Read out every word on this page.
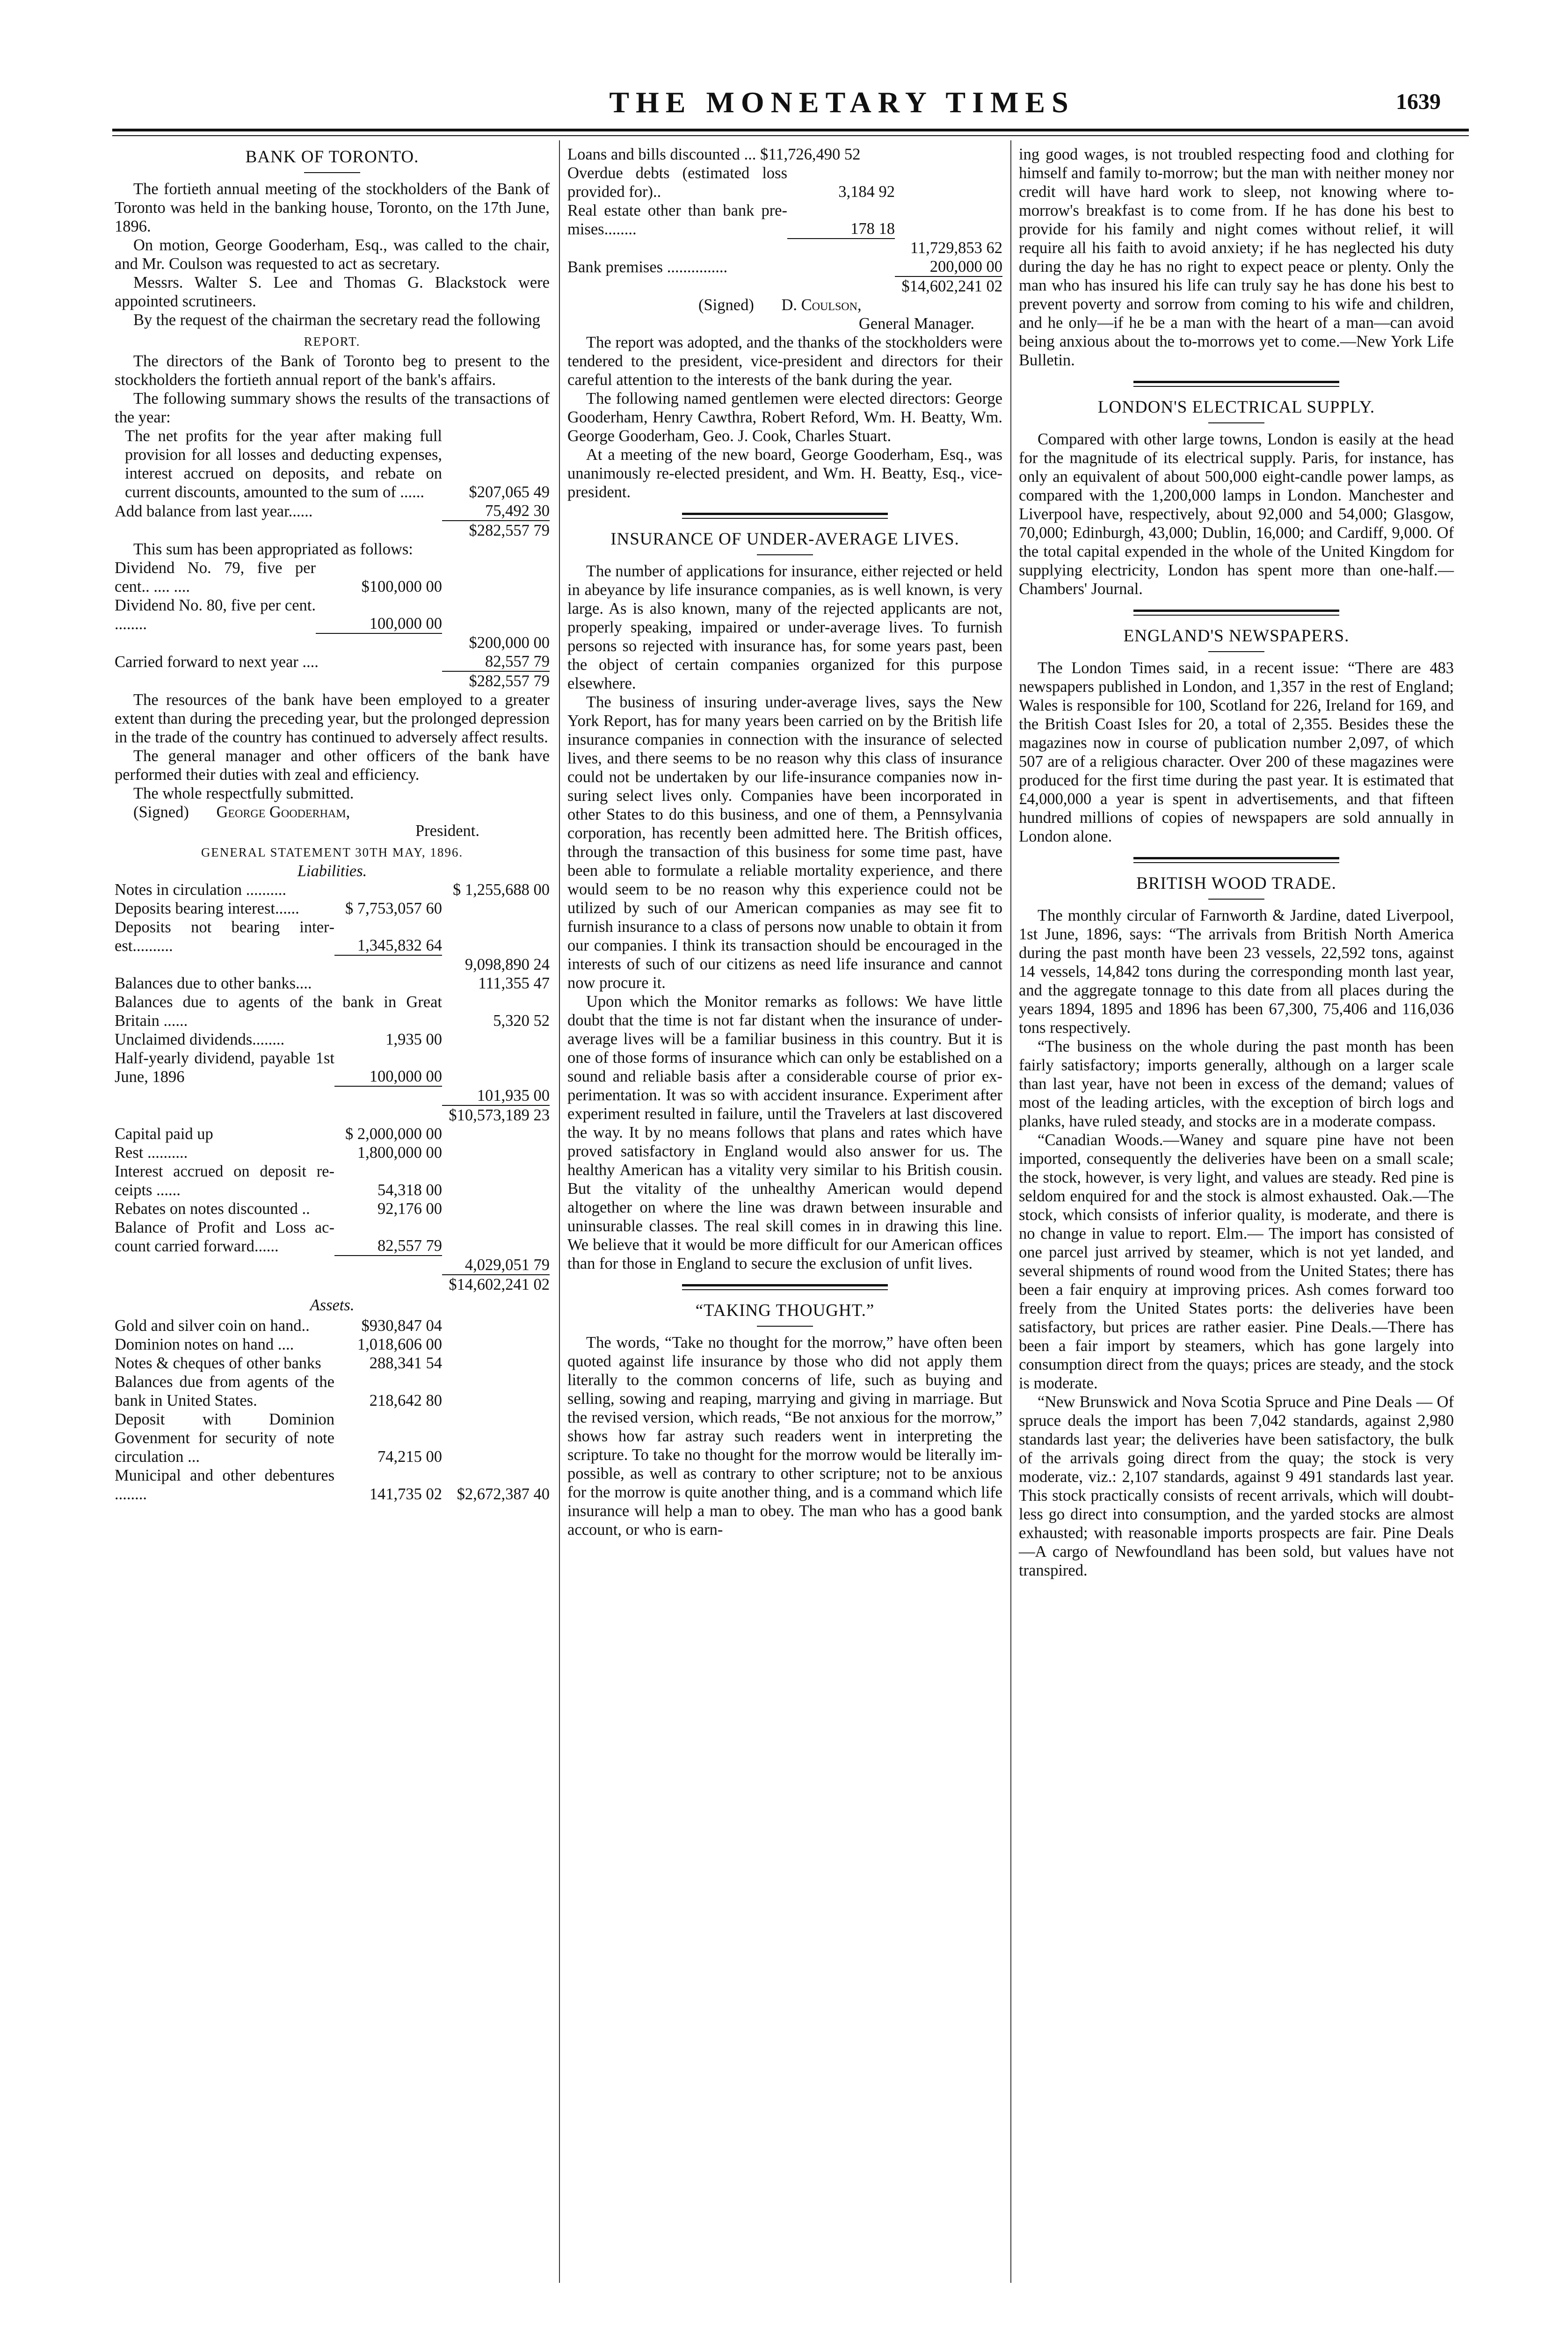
THE MONETARY TIMES	1639
BANK OF TORONTO.

The fortieth annual meeting of the stockholders of the Bank of Toronto was held in the banking house, Toronto, on the 17th June, 1896.

On motion, George Gooderham, Esq., was called to the chair, and Mr. Coulson was requested to act as secretary.

Messrs. Walter S. Lee and Thomas G. Blackstock were appointed scrutineers.

By the request of the chairman the secretary read the following

REPORT.

The directors of the Bank of Toronto beg to present to the stockholders the fortieth annual report of the bank's affairs.

The following summary shows the results of the transactions of the year:

The net profits for the year after making full provision for all losses and deducting expenses, interest accrued on deposits, and rebate on current discounts, amounted to the sum of ......	$207,065 49
Add balance from last year......	75,492 30
	$282,557 79

This sum has been appropriated as follows:

Dividend No. 79, five per cent.. .... ....	$100,000 00	
Dividend No. 80, five per cent. ........	100,000 00	
		$200,000 00
Carried forward to next year ....		82,557 79
		$282,557 79

The resources of the bank have been employed to a greater extent than during the preceding year, but the prolonged depression in the trade of the country has continued to adversely affect results.

The general manager and other officers of the bank have performed their duties with zeal and efficiency.

The whole respectfully submitted.

(Signed) George Gooderham,
President.
GENERAL STATEMENT 30TH MAY, 1896.
Liabilities.
Notes in circulation ..........		$ 1,255,688 00
Deposits bearing interest......	$ 7,753,057 60	
Deposits not bearing interest..........	1,345,832 64	
		9,098,890 24
Balances due to other banks....		111,355 47
Balances due to agents of the bank in Great Britain ......		5,320 52
Unclaimed dividends........	1,935 00	
Half-yearly dividend, payable 1st June, 1896	100,000 00	
		101,935 00
		$10,573,189 23
Capital paid up	$ 2,000,000 00	
Rest ..........	1,800,000 00	
Interest accrued on deposit receipts ......	54,318 00	
Rebates on notes discounted ..	92,176 00	
Balance of Profit and Loss account carried forward......	82,557 79	
		4,029,051 79
		$14,602,241 02
Assets.
Gold and silver coin on hand..	$930,847 04	
Dominion notes on hand ....	1,018,606 00	
Notes & cheques of other banks	288,341 54	
Balances due from agents of the bank in United States.	218,642 80	
Deposit with Dominion Govenment for security of note circulation ...	74,215 00	
Municipal and other debentures ........	141,735 02	$2,672,387 40
Loans and bills discounted ... $11,726,490 52		
Overdue debts (estimated loss provided for)..	3,184 92	
Real estate other than bank premises........	178 18	
		11,729,853 62
Bank premises ...............		200,000 00
		$14,602,241 02
(Signed) D. Coulson,
General Manager.

The report was adopted, and the thanks of the stockholders were tendered to the president, vice-president and directors for their careful attention to the interests of the bank during the year.

The following named gentlemen were elected directors: George Gooderham, Henry Cawthra, Robert Reford, Wm. H. Beatty, Wm. George Gooderham, Geo. J. Cook, Charles Stuart.

At a meeting of the new board, George Gooderham, Esq., was unanimously re-elected president, and Wm. H. Beatty, Esq., vice-president.

INSURANCE OF UNDER-AVERAGE LIVES.

The number of applications for insurance, either rejected or held in abeyance by life insurance companies, as is well known, is very large. As is also known, many of the rejected applicants are not, properly speaking, impaired or under-average lives. To furnish persons so rejected with insurance has, for some years past, been the object of certain companies organized for this purpose elsewhere.

The business of insuring under-average lives, says the New York Report, has for many years been carried on by the British life insurance companies in connection with the insurance of selected lives, and there seems to be no reason why this class of insurance could not be undertaken by our life-insurance companies now insuring select lives only. Companies have been incorporated in other States to do this business, and one of them, a Pennsylvania corporation, has recently been admitted here. The British offices, through the transaction of this business for some time past, have been able to formulate a reliable mortality experience, and there would seem to be no reason why this experience could not be utilized by such of our American companies as may see fit to furnish insurance to a class of persons now unable to obtain it from our companies. I think its transaction should be encouraged in the interests of such of our citizens as need life insurance and cannot now procure it.

Upon which the Monitor remarks as follows: We have little doubt that the time is not far distant when the insurance of under-average lives will be a familiar business in this country. But it is one of those forms of insurance which can only be established on a sound and reliable basis after a considerable course of prior experimentation. It was so with accident insurance. Experiment after experiment resulted in failure, until the Travelers at last discovered the way. It by no means follows that plans and rates which have proved satisfactory in England would also answer for us. The healthy American has a vitality very similar to his British cousin. But the vitality of the unhealthy American would depend altogether on where the line was drawn between insurable and uninsurable classes. The real skill comes in in drawing this line. We believe that it would be more difficult for our American offices than for those in England to secure the exclusion of unfit lives.

“TAKING THOUGHT.”

The words, “Take no thought for the morrow,” have often been quoted against life insurance by those who did not apply them literally to the common concerns of life, such as buying and selling, sowing and reaping, marrying and giving in marriage. But the revised version, which reads, “Be not anxious for the morrow,” shows how far astray such readers went in interpreting the scripture. To take no thought for the morrow would be literally impossible, as well as contrary to other scripture; not to be anxious for the morrow is quite another thing, and is a command which life insurance will help a man to obey. The man who has a good bank account, or who is earn-

ing good wages, is not troubled respecting food and clothing for himself and family to-morrow; but the man with neither money nor credit will have hard work to sleep, not knowing where to-morrow's breakfast is to come from. If he has done his best to provide for his family and night comes without relief, it will require all his faith to avoid anxiety; if he has neglected his duty during the day he has no right to expect peace or plenty. Only the man who has insured his life can truly say he has done his best to prevent poverty and sorrow from coming to his wife and children, and he only—if he be a man with the heart of a man—can avoid being anxious about the to-morrows yet to come.—New York Life Bulletin.

LONDON'S ELECTRICAL SUPPLY.

Compared with other large towns, London is easily at the head for the magnitude of its electrical supply. Paris, for instance, has only an equivalent of about 500,000 eight-candle power lamps, as compared with the 1,200,000 lamps in London. Manchester and Liverpool have, respectively, about 92,000 and 54,000; Glasgow, 70,000; Edinburgh, 43,000; Dublin, 16,000; and Cardiff, 9,000. Of the total capital expended in the whole of the United Kingdom for supplying electricity, London has spent more than one-half.—Chambers' Journal.

ENGLAND'S NEWSPAPERS.

The London Times said, in a recent issue: “There are 483 newspapers published in London, and 1,357 in the rest of England; Wales is responsible for 100, Scotland for 226, Ireland for 169, and the British Coast Isles for 20, a total of 2,355. Besides these the magazines now in course of publication number 2,097, of which 507 are of a religious character. Over 200 of these magazines were produced for the first time during the past year. It is estimated that £4,000,000 a year is spent in advertisements, and that fifteen hundred millions of copies of newspapers are sold annually in London alone.

BRITISH WOOD TRADE.

The monthly circular of Farnworth & Jardine, dated Liverpool, 1st June, 1896, says: “The arrivals from British North America during the past month have been 23 vessels, 22,592 tons, against 14 vessels, 14,842 tons during the corresponding month last year, and the aggregate tonnage to this date from all places during the years 1894, 1895 and 1896 has been 67,300, 75,406 and 116,036 tons respectively.

“The business on the whole during the past month has been fairly satisfactory; imports generally, although on a larger scale than last year, have not been in excess of the demand; values of most of the leading articles, with the exception of birch logs and planks, have ruled steady, and stocks are in a moderate compass.

“Canadian Woods.—Waney and square pine have not been imported, consequently the deliveries have been on a small scale; the stock, however, is very light, and values are steady. Red pine is seldom enquired for and the stock is almost exhausted. Oak.—The stock, which consists of inferior quality, is moderate, and there is no change in value to report. Elm.— The import has consisted of one parcel just arrived by steamer, which is not yet landed, and several shipments of round wood from the United States; there has been a fair enquiry at improving prices. Ash comes forward too freely from the United States ports: the deliveries have been satisfactory, but prices are rather easier. Pine Deals.—There has been a fair import by steamers, which has gone largely into consumption direct from the quays; prices are steady, and the stock is moderate.

“New Brunswick and Nova Scotia Spruce and Pine Deals — Of spruce deals the import has been 7,042 standards, against 2,980 standards last year; the deliveries have been satisfactory, the bulk of the arrivals going direct from the quay; the stock is very moderate, viz.: 2,107 standards, against 9 491 standards last year. This stock practically consists of recent arrivals, which will doubtless go direct into consumption, and the yarded stocks are almost exhausted; with reasonable imports prospects are fair. Pine Deals —A cargo of Newfoundland has been sold, but values have not transpired.
